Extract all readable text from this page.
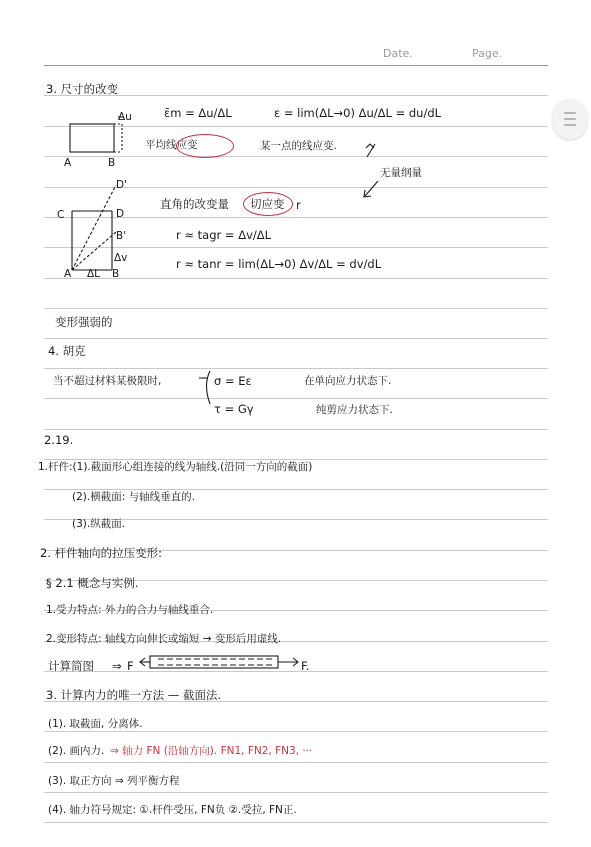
Date.	Page.
3. 尺寸的改变
ε̄m = Δu/ΔL	ε = lim(ΔL→0) Δu/ΔL = du/dL
平均线应变	某一点的线应变.
无量纲量
Δu
A	B
D'
C	D
B'
Δv
A ΔL B
直角的改变量 切应变 r
r ≈ tagr = Δv/ΔL
r ≈ tanr = lim(ΔL→0) Δv/ΔL = dv/dL
变形强弱的
4. 胡克
当不超过材料某极限时,	σ = Eε
τ = Gγ
在单向应力状态下.
纯剪应力状态下.
2.19.
1.杆件:(1).截面形心组连接的线为轴线.(沿同一方向的截面)
(2).横截面: 与轴线垂直的.
(3).纵截面.
2. 杆件轴向的拉压变形:
§ 2.1 概念与实例.
1.受力特点: 外力的合力与轴线重合.
2.变形特点: 轴线方向伸长或缩短 → 变形后用虚线.
计算简图 ⇒ F	F.
3. 计算内力的唯一方法 — 截面法.
(1). 取截面, 分离体.
(2). 画内力. ⇒ 轴力 FN (沿轴方向). FN1, FN2, FN3, ···
(3). 取正方向 ⇒ 列平衡方程
(4). 轴力符号规定: ①.杆件受压, FN负 ②.受拉, FN正.
